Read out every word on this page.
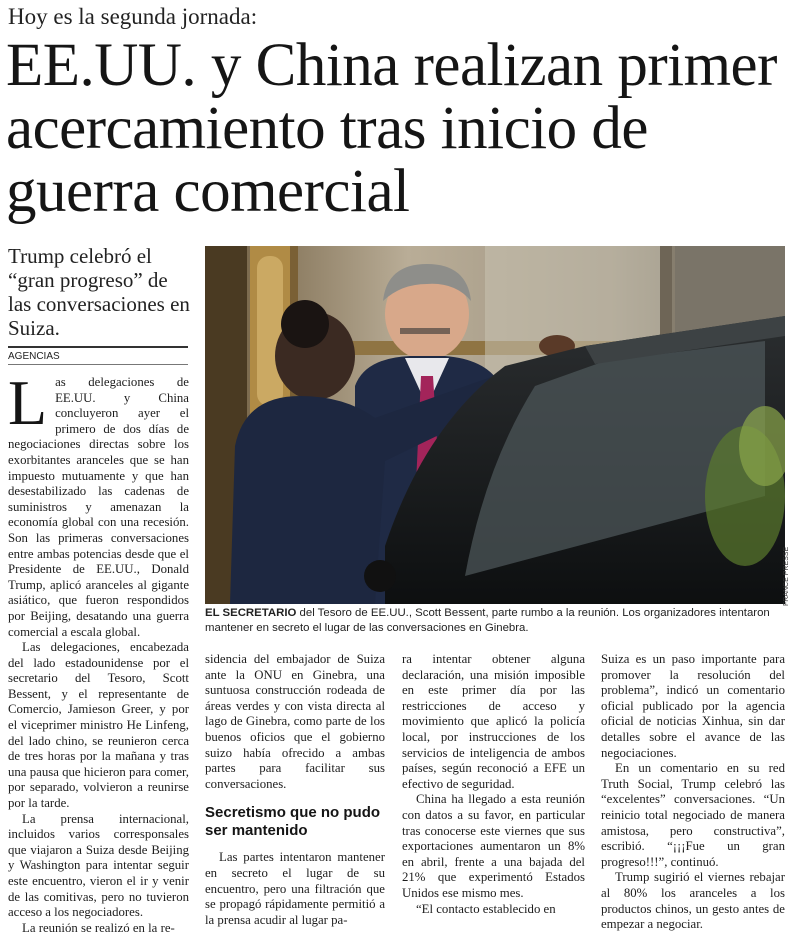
Hoy es la segunda jornada:
EE.UU. y China realizan primer acercamiento tras inicio de guerra comercial
Trump celebró el “gran progreso” de las conversaciones en Suiza.
AGENCIAS
FRANCE PRESSE
EL SECRETARIO del Tesoro de EE.UU., Scott Bessent, parte rumbo a la reunión. Los organizadores intentaron mantener en secreto el lugar de las conversaciones en Ginebra.
L as delegaciones de EE.UU. y China concluyeron ayer el primero de dos días de negociaciones directas sobre los exorbitantes aranceles que se han impuesto mutuamente y que han desestabilizado las cadenas de suministros y amenazan la economía global con una recesión. Son las primeras conversaciones entre ambas potencias desde que el Presidente de EE.UU., Donald Trump, aplicó aranceles al gigante asiático, que fueron respondidos por Beijing, desatando una guerra comercial a escala global.

Las delegaciones, encabezada del lado estadounidense por el secretario del Tesoro, Scott Bessent, y el representante de Comercio, Jamieson Greer, y por el viceprimer ministro He Linfeng, del lado chino, se reunieron cerca de tres horas por la mañana y tras una pausa que hicieron para comer, por separado, volvieron a reunirse por la tarde.

La prensa internacional, incluidos varios corresponsales que viajaron a Suiza desde Beijing y Washington para intentar seguir este encuentro, vieron el ir y venir de las comitivas, pero no tuvieron acceso a los negociadores.

La reunión se realizó en la re-

sidencia del embajador de Suiza ante la ONU en Ginebra, una suntuosa construcción rodeada de áreas verdes y con vista directa al lago de Ginebra, como parte de los buenos oficios que el gobierno suizo había ofrecido a ambas partes para facilitar sus conversaciones.

Secretismo que no pudo ser mantenido

Las partes intentaron mantener en secreto el lugar de su encuentro, pero una filtración que se propagó rápidamente permitió a la prensa acudir al lugar pa-

ra intentar obtener alguna declaración, una misión imposible en este primer día por las restricciones de acceso y movimiento que aplicó la policía local, por instrucciones de los servicios de inteligencia de ambos países, según reconoció a EFE un efectivo de seguridad.

China ha llegado a esta reunión con datos a su favor, en particular tras conocerse este viernes que sus exportaciones aumentaron un 8% en abril, frente a una bajada del 21% que experimentó Estados Unidos ese mismo mes.

“El contacto establecido en

Suiza es un paso importante para promover la resolución del problema”, indicó un comentario oficial publicado por la agencia oficial de noticias Xinhua, sin dar detalles sobre el avance de las negociaciones.

En un comentario en su red Truth Social, Trump celebró las “excelentes” conversaciones. “Un reinicio total negociado de manera amistosa, pero constructiva”, escribió. “¡¡¡Fue un gran progreso!!!”, continuó.

Trump sugirió el viernes rebajar al 80% los aranceles a los productos chinos, un gesto antes de empezar a negociar.
